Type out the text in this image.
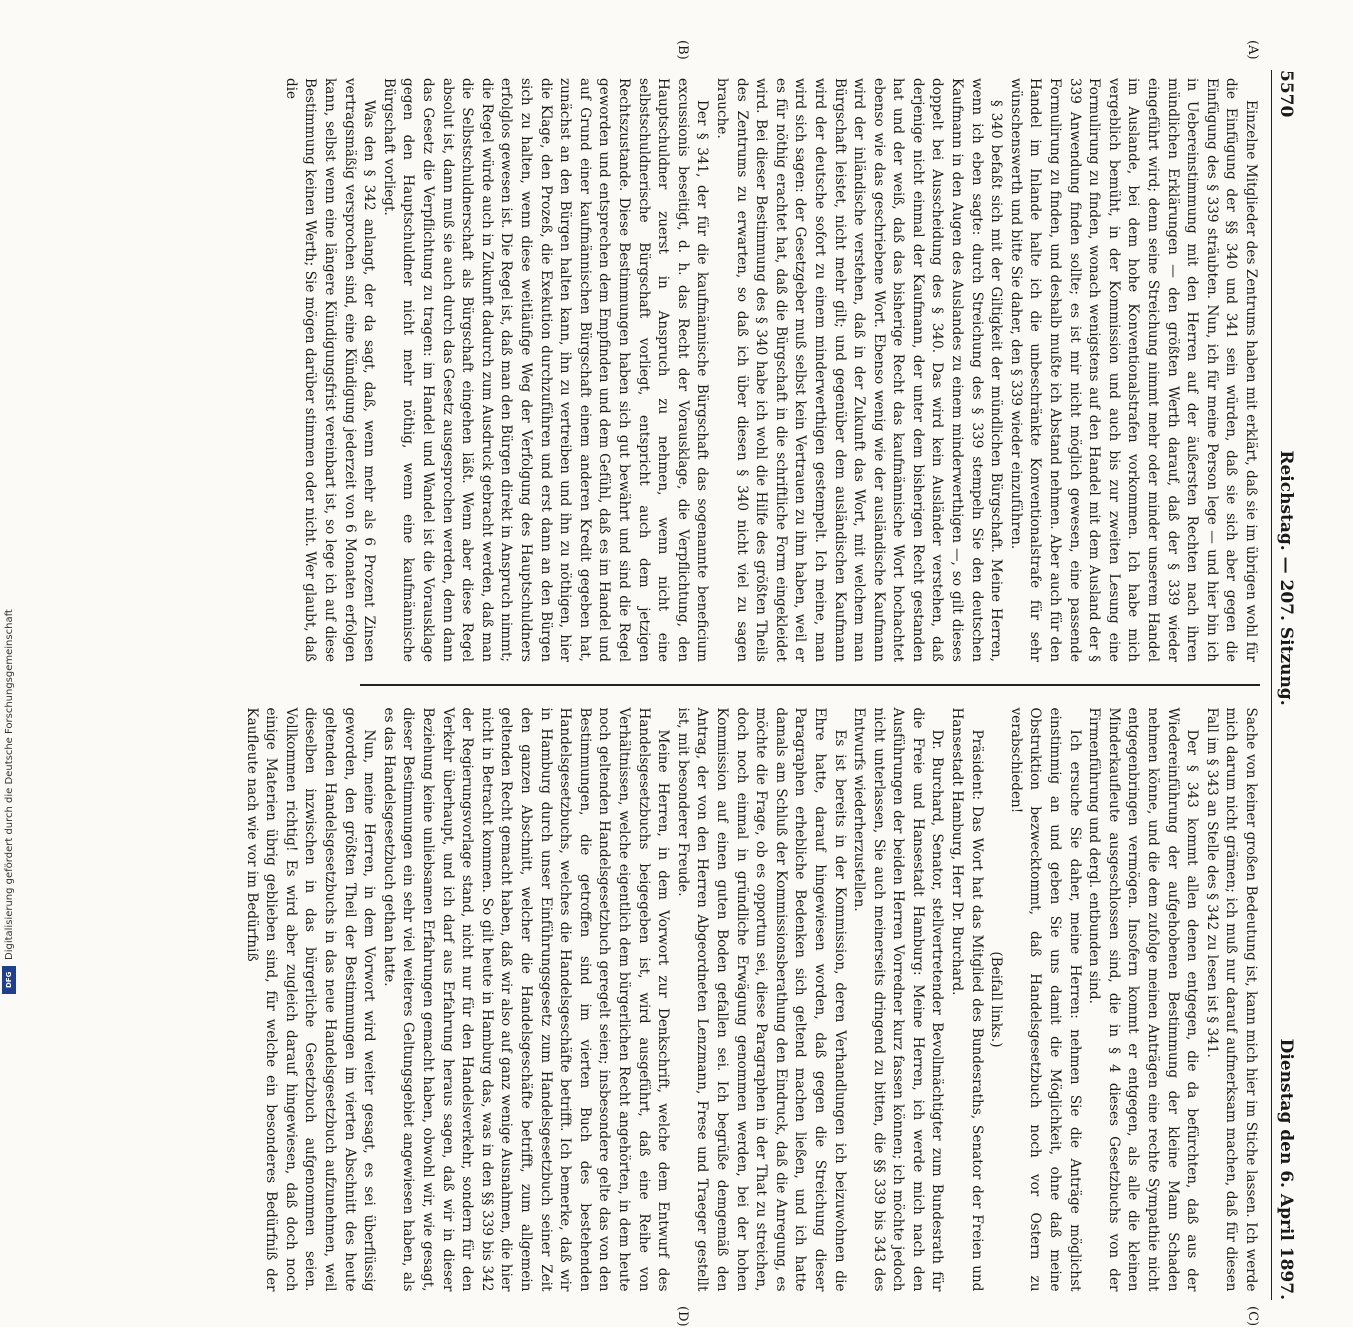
5570
Reichstag. — 207. Sitzung.
Dienstag den 6. April 1897.

Einzelne Mitglieder des Zentrums haben mit erklärt, daß sie im übrigen wohl für die Einfügung der §§ 340 und 341 sein würden, daß sie sich aber gegen die Einfügung des § 339 sträubten. Nun, ich für meine Person lege — und hier bin ich in Uebereinstimmung mit den Herren auf der äußersten Rechten nach ihren mündlichen Erklärungen — den größten Werth darauf, daß der § 339 wieder eingeführt wird; denn seine Streichung nimmt mehr oder minder unserem Handel im Auslande, bei dem hohe Konventionalstrafen vorkommen. Ich habe mich vergeblich bemüht, in der Kommission und auch bis zur zweiten Lesung eine Formulirung zu finden, wonach wenigstens auf den Handel mit dem Ausland der § 339 Anwendung finden sollte; es ist mir nicht möglich gewesen, eine passende Formulirung zu finden, und deshalb mußte ich Abstand nehmen. Aber auch für den Handel im Inlande halte ich die unbeschränkte Konventionalstrafe für sehr wünschenswerth und bitte Sie daher, den § 339 wieder einzuführen.

§ 340 befaßt sich mit der Giltigkeit der mündlichen Bürgschaft. Meine Herren, wenn ich eben sagte: durch Streichung des § 339 stempeln Sie den deutschen Kaufmann in den Augen des Auslandes zu einem minderwerthigen —, so gilt dieses doppelt bei Ausscheidung des § 340. Das wird kein Ausländer verstehen, daß derjenige nicht einmal der Kaufmann, der unter dem bisherigen Recht gestanden hat und der weiß, daß das bisherige Recht das kaufmännische Wort hochachtet ebenso wie das geschriebene Wort. Ebenso wenig wie der ausländische Kaufmann wird der inländische verstehen, daß in der Zukunft das Wort, mit welchem man Bürgschaft leistet, nicht mehr gilt; und gegenüber dem ausländischen Kaufmann wird der deutsche sofort zu einem minderwerthigen gestempelt. Ich meine, man wird sich sagen: der Gesetzgeber muß selbst kein Vertrauen zu ihm haben, weil er es für nöthig erachtet hat, daß die Bürgschaft in die schriftliche Form eingekleidet wird. Bei dieser Bestimmung des § 340 habe ich wohl die Hilfe des größten Theils des Zentrums zu erwarten, so daß ich über diesen § 340 nicht viel zu sagen brauche.

Der § 341, der für die kaufmännische Bürgschaft das sogenannte beneficium excussionis beseitigt, d. h. das Recht der Vorausklage, die Verpflichtung, den Hauptschuldner zuerst in Anspruch zu nehmen, wenn nicht eine selbstschuldnerische Bürgschaft vorliegt, entspricht auch dem jetzigen Rechtszustande. Diese Bestimmungen haben sich gut bewährt und sind die Regel geworden und entsprechen dem Empfinden und dem Gefühl, daß es im Handel und auf Grund einer kaufmännischen Bürgschaft einem anderen Kredit gegeben hat, zunächst an den Bürgen halten kann, ihn zu vertreiben und ihn zu nöthigen, hier die Klage, den Prozeß, die Exekution durchzuführen und erst dann an den Bürgen sich zu halten, wenn diese weitläufige Weg der Verfolgung des Hauptschuldners erfolglos gewesen ist. Die Regel ist, daß man den Bürgen direkt in Anspruch nimmt; die Regel würde auch in Zukunft dadurch zum Ausdruck gebracht werden, daß man die Selbstschuldnerschaft als Bürgschaft eingehen läßt. Wenn aber diese Regel absolut ist, dann muß sie auch durch das Gesetz ausgesprochen werden, denn dann das Gesetz die Verpflichtung zu tragen: im Handel und Wandel ist die Vorausklage gegen den Hauptschuldner nicht mehr nöthig, wenn eine kaufmännische Bürgschaft vorliegt.

Was den § 342 anlangt, der da sagt, daß, wenn mehr als 6 Prozent Zinsen vertragsmäßig versprochen sind, eine Kündigung jederzeit von 6 Monaten erfolgen kann, selbst wenn eine längere Kündigungsfrist vereinbart ist, so lege ich auf diese Bestimmung keinen Werth; Sie mögen darüber stimmen oder nicht. Wer glaubt, daß die

Sache von keiner großen Bedeutung ist, kann mich hier im Stiche lassen. Ich werde mich darum nicht grämen; ich muß nur darauf aufmerksam machen, daß für diesen Fall im § 343 an Stelle des § 342 zu lesen ist § 341.

Der § 343 kommt allen denen entgegen, die da befürchten, daß aus der Wiedereinführung der aufgehobenen Bestimmung der kleine Mann Schaden nehmen könne, und die dem zufolge meinen Anträgen eine rechte Sympathie nicht entgegenbringen vermögen. Insofern kommt er entgegen, als alle die kleinen Minderkaufleute ausgeschlossen sind, die in § 4 dieses Gesetzbuchs von der Firmenführung und dergl. entbunden sind.

Ich ersuche Sie daher, meine Herren: nehmen Sie die Anträge möglichst einstimmig an und geben Sie uns damit die Möglichkeit, ohne daß meine Obstruktion bezwecktommt, daß Handelsgesetzbuch noch vor Ostern zu verabschieden!

(Beifall links.)

Präsident: Das Wort hat das Mitglied des Bundesraths, Senator der Freien und Hansestadt Hamburg, Herr Dr. Burchard.

Dr. Burchard, Senator, stellvertretender Bevollmächtigter zum Bundesrath für die Freie und Hansestadt Hamburg: Meine Herren, ich werde mich nach den Ausführungen der beiden Herren Vorredner kurz fassen können; ich möchte jedoch nicht unterlassen, Sie auch meinerseits dringend zu bitten, die §§ 339 bis 343 des Entwurfs wiederherzustellen.

Es ist bereits in der Kommission, deren Verhandlungen ich beizuwohnen die Ehre hatte, darauf hingewiesen worden, daß gegen die Streichung dieser Paragraphen erhebliche Bedenken sich geltend machen ließen, und ich hatte damals am Schluß der Kommissionsberathung den Eindruck, daß die Anregung, es möchte die Frage, ob es opportun sei, diese Paragraphen in der That zu streichen, doch noch einmal in gründliche Erwägung genommen werden, bei der hohen Kommission auf einen guten Boden gefallen sei. Ich begrüße demgemäß den Antrag, der von den Herren Abgeordneten Lenzmann, Frese und Traeger gestellt ist, mit besonderer Freude.

Meine Herren, in dem Vorwort zur Denkschrift, welche dem Entwurf des Handelsgesetzbuchs beigegeben ist, wird ausgeführt, daß eine Reihe von Verhältnissen, welche eigentlich dem bürgerlichen Recht angehörten, in dem heute noch geltenden Handelsgesetzbuch geregelt seien; insbesondere gelte das von den Bestimmungen, die getroffen sind im vierten Buch des bestehenden Handelsgesetzbuchs, welches die Handelsgeschäfte betrifft. Ich bemerke, daß wir in Hamburg durch unser Einführungsgesetz zum Handelsgesetzbuch seiner Zeit den ganzen Abschnitt, welcher die Handelsgeschäfte betrifft, zum allgemein geltenden Recht gemacht haben, daß wir also auf ganz wenige Ausnahmen, die hier nicht in Betracht kommen. So gilt heute in Hamburg das, was in den §§ 339 bis 342 der Regierungsvorlage stand, nicht nur für den Handelsverkehr, sondern für den Verkehr überhaupt, und ich darf aus Erfahrung heraus sagen, daß wir in dieser Beziehung keine unliebsamen Erfahrungen gemacht haben, obwohl wir, wie gesagt, dieser Bestimmungen ein sehr viel weiteres Geltungsgebiet angewiesen haben, als es das Handelsgesetzbuch gethan hatte.

Nun, meine Herren, in dem Vorwort wird weiter gesagt, es sei überflüssig geworden, den größten Theil der Bestimmungen im vierten Abschnitt des heute geltenden Handelsgesetzbuchs in das neue Handelsgesetzbuch aufzunehmen, weil dieselben inzwischen in das bürgerliche Gesetzbuch aufgenommen seien. Vollkommen richtig! Es wird aber zugleich darauf hingewiesen, daß doch noch einige Materien übrig geblieben sind, für welche ein besonderes Bedürfniß der Kaufleute nach wie vor im Bedürfniß

(A)
(B)
(C)
(D)
Digitalisierung gefördert durch die Deutsche Forschungsgemeinschaft
DFG
